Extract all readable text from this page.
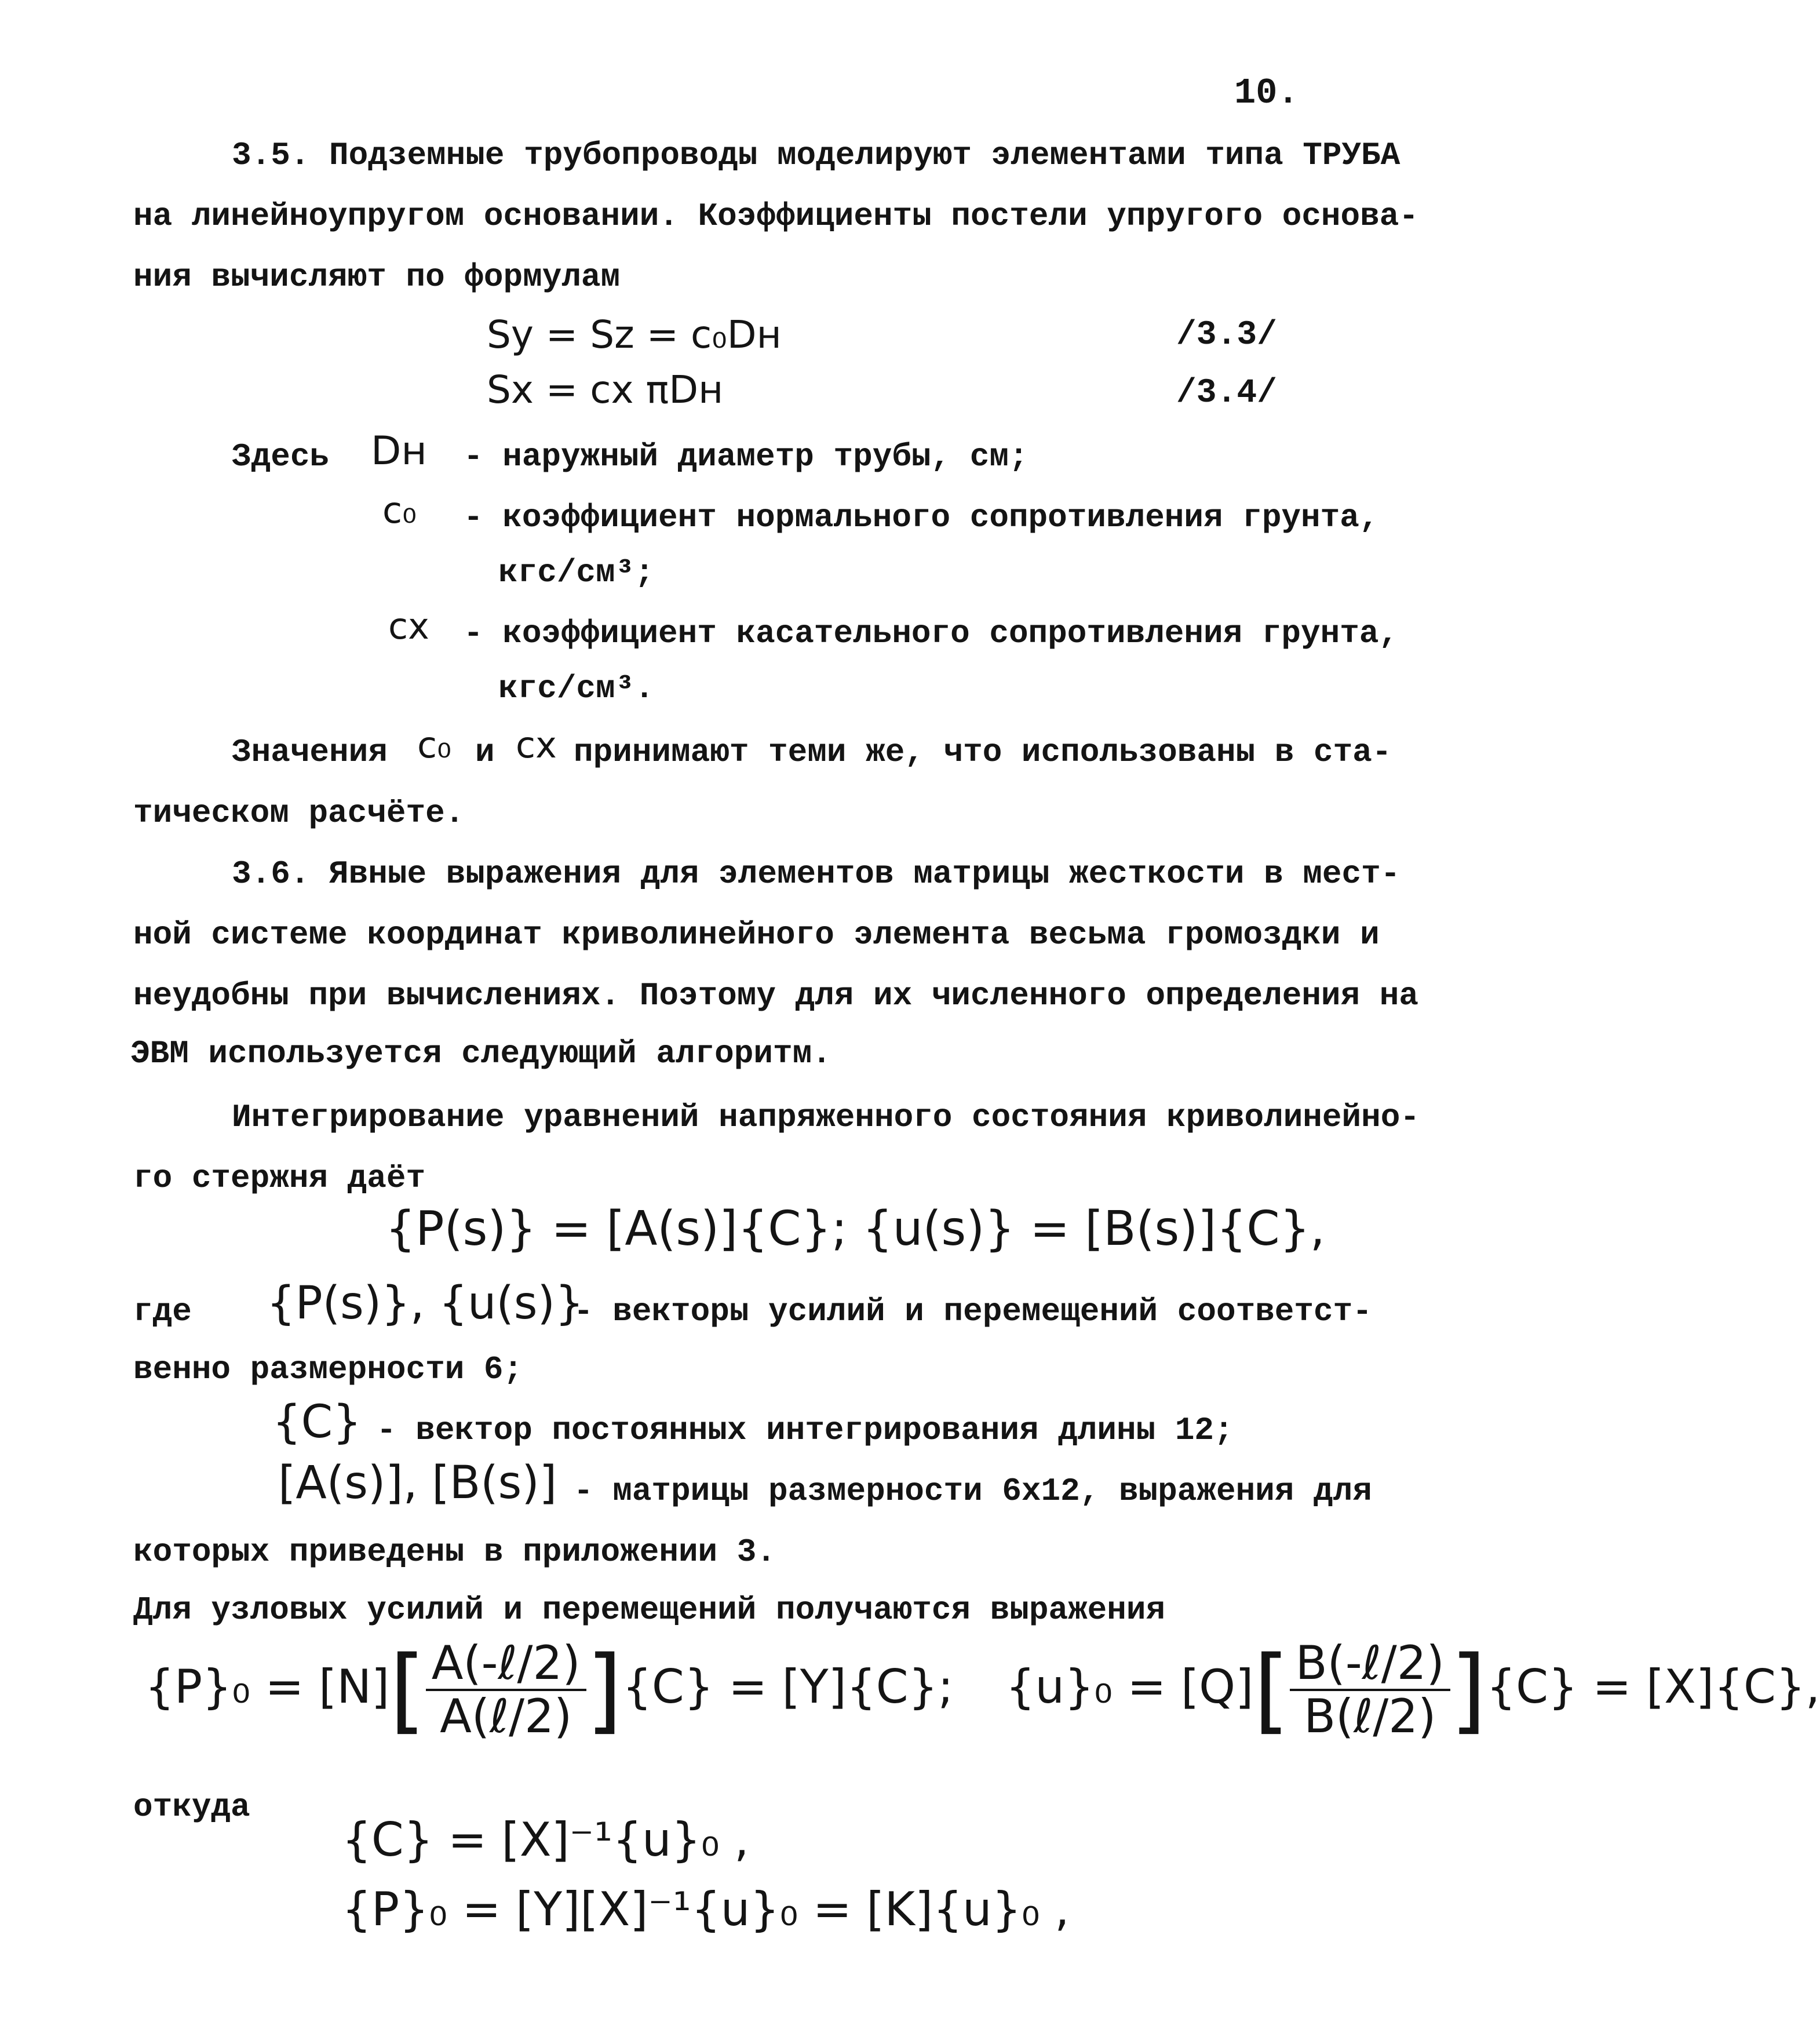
10.
3.5. Подземные трубопроводы моделируют элементами типа ТРУБА
на линейноупругом основании. Коэффициенты постели упругого основа-
ния вычисляют по формулам
Sy = Sz = c₀Dн	/3.3/
Sx = cx πDн	/3.4/
Здесь Dн - наружный диаметр трубы, см;
c₀ - коэффициент нормального сопротивления грунта,
кгс/см³;
cx - коэффициент касательного сопротивления грунта,
кгс/см³.
Значения c₀ и cx принимают теми же, что использованы в ста-
тическом расчёте.
3.6. Явные выражения для элементов матрицы жесткости в мест-
ной системе координат криволинейного элемента весьма громоздки и
неудобны при вычислениях. Поэтому для их численного определения на
ЭВМ используется следующий алгоритм.
Интегрирование уравнений напряженного состояния криволинейно-
го стержня даёт
{P(s)} = [A(s)]{C}; {u(s)} = [B(s)]{C},
где {P(s)}, {u(s)}
- векторы усилий и перемещений соответст-
венно размерности 6;
{C} - вектор постоянных интегрирования длины 12;
[A(s)], [B(s)] - матрицы размерности 6x12, выражения для
которых приведены в приложении 3.
Для узловых усилий и перемещений получаются выражения
$\{P\}_0 = [N][ \frac{\text{A(-ℓ/2)}}{\text{A(ℓ/2)}} ]\{C\} = [Y]\{C\}$; $\{u\}_0 = [Q][ \frac{\text{B(-ℓ/2)}}{\text{B(ℓ/2)}} ]\{C\} = [X]\{C\}$,
откуда
{C} = [X]⁻¹{u}₀ ,
{P}₀ = [Y][X]⁻¹{u}₀ = [K]{u}₀ ,
